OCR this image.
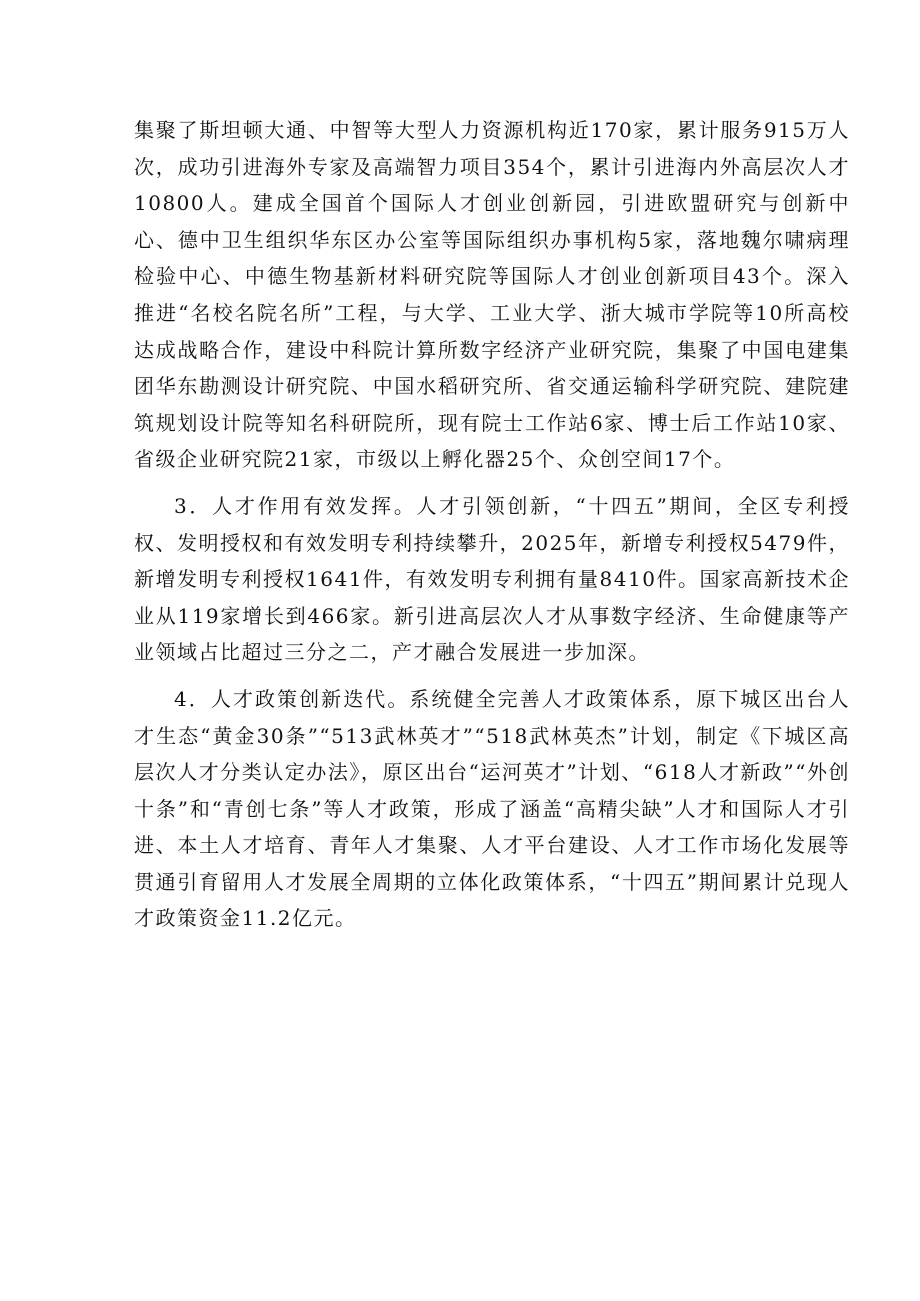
集聚了斯坦顿大通、中智等大型人力资源机构近170家，累计服务915万人次，成功引进海外专家及高端智力项目354个，累计引进海内外高层次人才10800人。建成全国首个国际人才创业创新园，引进欧盟研究与创新中心、德中卫生组织华东区办公室等国际组织办事机构5家，落地魏尔啸病理检验中心、中德生物基新材料研究院等国际人才创业创新项目43个。深入推进“名校名院名所”工程，与大学、工业大学、浙大城市学院等10所高校达成战略合作，建设中科院计算所数字经济产业研究院，集聚了中国电建集团华东勘测设计研究院、中国水稻研究所、省交通运输科学研究院、建院建筑规划设计院等知名科研院所，现有院士工作站6家、博士后工作站10家、省级企业研究院21家，市级以上孵化器25个、众创空间17个。

3．人才作用有效发挥。人才引领创新，“十四五”期间，全区专利授权、发明授权和有效发明专利持续攀升，2025年，新增专利授权5479件，新增发明专利授权1641件，有效发明专利拥有量8410件。国家高新技术企业从119家增长到466家。新引进高层次人才从事数字经济、生命健康等产业领域占比超过三分之二，产才融合发展进一步加深。

4．人才政策创新迭代。系统健全完善人才政策体系，原下城区出台人才生态“黄金30条”“513武林英才”“518武林英杰”计划，制定《下城区高层次人才分类认定办法》，原区出台“运河英才”计划、“618人才新政”“外创十条”和“青创七条”等人才政策，形成了涵盖“高精尖缺”人才和国际人才引进、本土人才培育、青年人才集聚、人才平台建设、人才工作市场化发展等贯通引育留用人才发展全周期的立体化政策体系，“十四五”期间累计兑现人才政策资金11.2亿元。
